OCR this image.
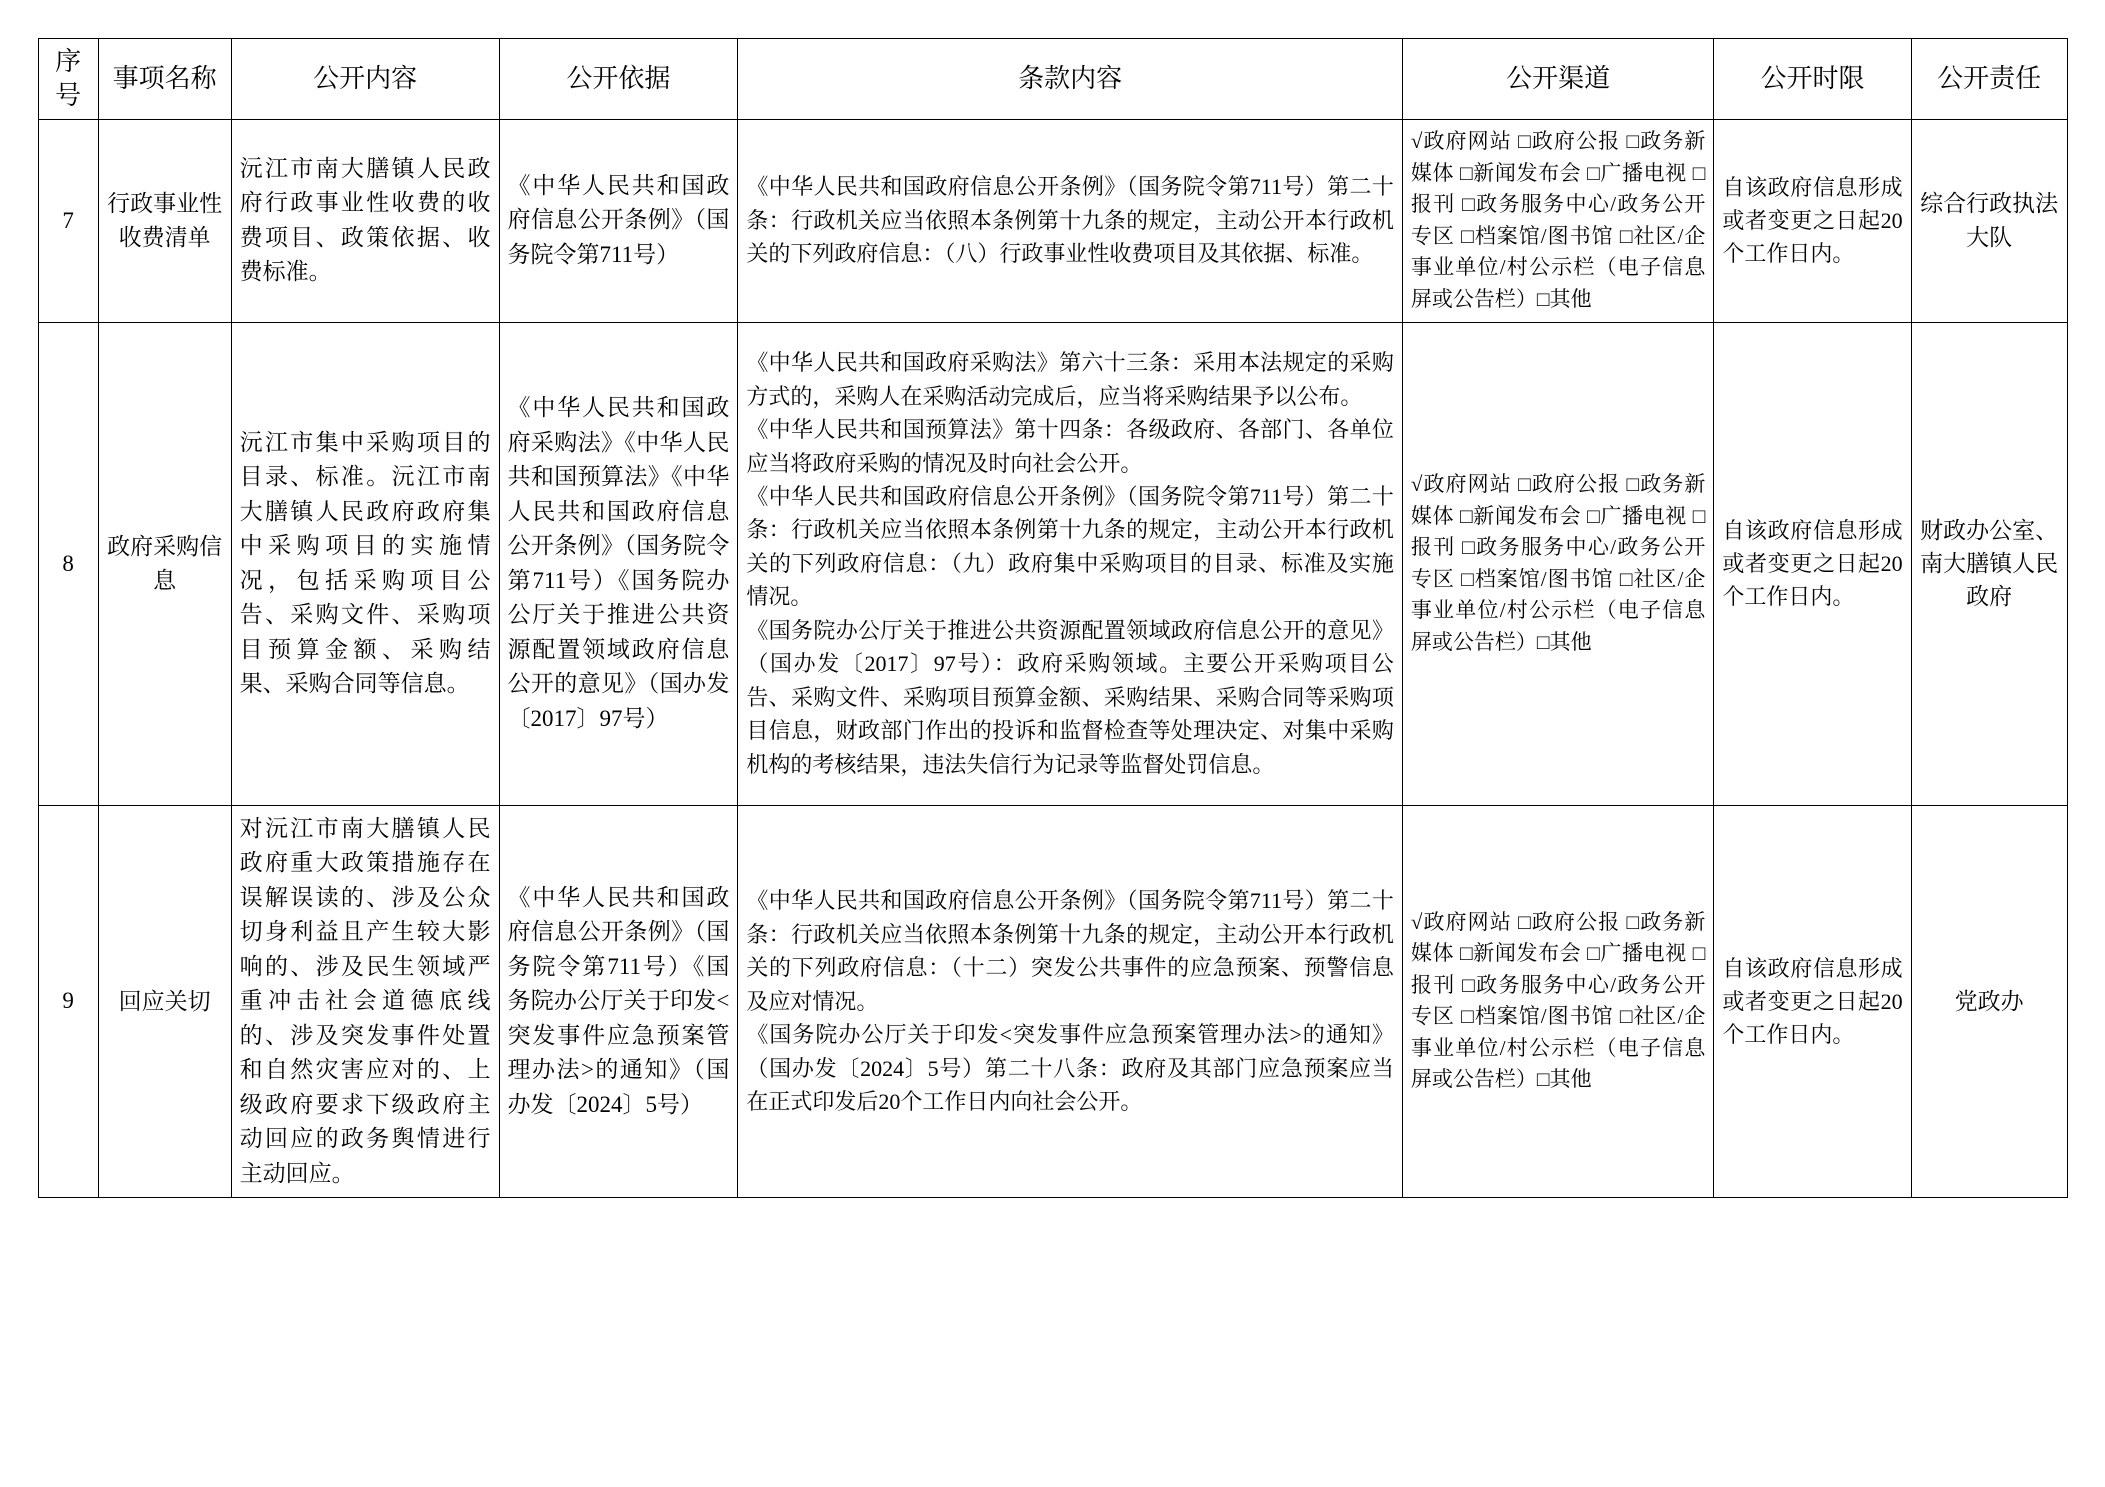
序号	事项名称	公开内容	公开依据	条款内容	公开渠道	公开时限	公开责任
7	行政事业性收费清单	沅江市南大膳镇人民政府行政事业性收费的收费项目、政策依据、收费标准。	《中华人民共和国政府信息公开条例》（国务院令第711号）	《中华人民共和国政府信息公开条例》（国务院令第711号）第二十条：行政机关应当依照本条例第十九条的规定，主动公开本行政机关的下列政府信息：（八）行政事业性收费项目及其依据、标准。	√政府网站 □政府公报 □政务新媒体 □新闻发布会 □广播电视 □报刊 □政务服务中心/政务公开专区 □档案馆/图书馆 □社区/企事业单位/村公示栏（电子信息屏或公告栏）□其他	自该政府信息形成或者变更之日起20个工作日内。	综合行政执法大队
8	政府采购信息	沅江市集中采购项目的目录、标准。沅江市南大膳镇人民政府政府集中采购项目的实施情况，包括采购项目公告、采购文件、采购项目预算金额、采购结果、采购合同等信息。	《中华人民共和国政府采购法》《中华人民共和国预算法》《中华人民共和国政府信息公开条例》（国务院令第711号）《国务院办公厅关于推进公共资源配置领域政府信息公开的意见》（国办发〔2017〕97号）	《中华人民共和国政府采购法》第六十三条：采用本法规定的采购方式的，采购人在采购活动完成后，应当将采购结果予以公布。
《中华人民共和国预算法》第十四条：各级政府、各部门、各单位应当将政府采购的情况及时向社会公开。
《中华人民共和国政府信息公开条例》（国务院令第711号）第二十条：行政机关应当依照本条例第十九条的规定，主动公开本行政机关的下列政府信息：（九）政府集中采购项目的目录、标准及实施情况。
《国务院办公厅关于推进公共资源配置领域政府信息公开的意见》（国办发〔2017〕97号）：政府采购领域。主要公开采购项目公告、采购文件、采购项目预算金额、采购结果、采购合同等采购项目信息，财政部门作出的投诉和监督检查等处理决定、对集中采购机构的考核结果，违法失信行为记录等监督处罚信息。	√政府网站 □政府公报 □政务新媒体 □新闻发布会 □广播电视 □报刊 □政务服务中心/政务公开专区 □档案馆/图书馆 □社区/企事业单位/村公示栏（电子信息屏或公告栏）□其他	自该政府信息形成或者变更之日起20个工作日内。	财政办公室、南大膳镇人民政府
9	回应关切	对沅江市南大膳镇人民政府重大政策措施存在误解误读的、涉及公众切身利益且产生较大影响的、涉及民生领域严重冲击社会道德底线的、涉及突发事件处置和自然灾害应对的、上级政府要求下级政府主动回应的政务舆情进行主动回应。	《中华人民共和国政府信息公开条例》（国务院令第711号）《国务院办公厅关于印发<突发事件应急预案管理办法>的通知》（国办发〔2024〕5号）	《中华人民共和国政府信息公开条例》（国务院令第711号）第二十条：行政机关应当依照本条例第十九条的规定，主动公开本行政机关的下列政府信息：（十二）突发公共事件的应急预案、预警信息及应对情况。
《国务院办公厅关于印发<突发事件应急预案管理办法>的通知》（国办发〔2024〕5号）第二十八条：政府及其部门应急预案应当在正式印发后20个工作日内向社会公开。	√政府网站 □政府公报 □政务新媒体 □新闻发布会 □广播电视 □报刊 □政务服务中心/政务公开专区 □档案馆/图书馆 □社区/企事业单位/村公示栏（电子信息屏或公告栏）□其他	自该政府信息形成或者变更之日起20个工作日内。	党政办
